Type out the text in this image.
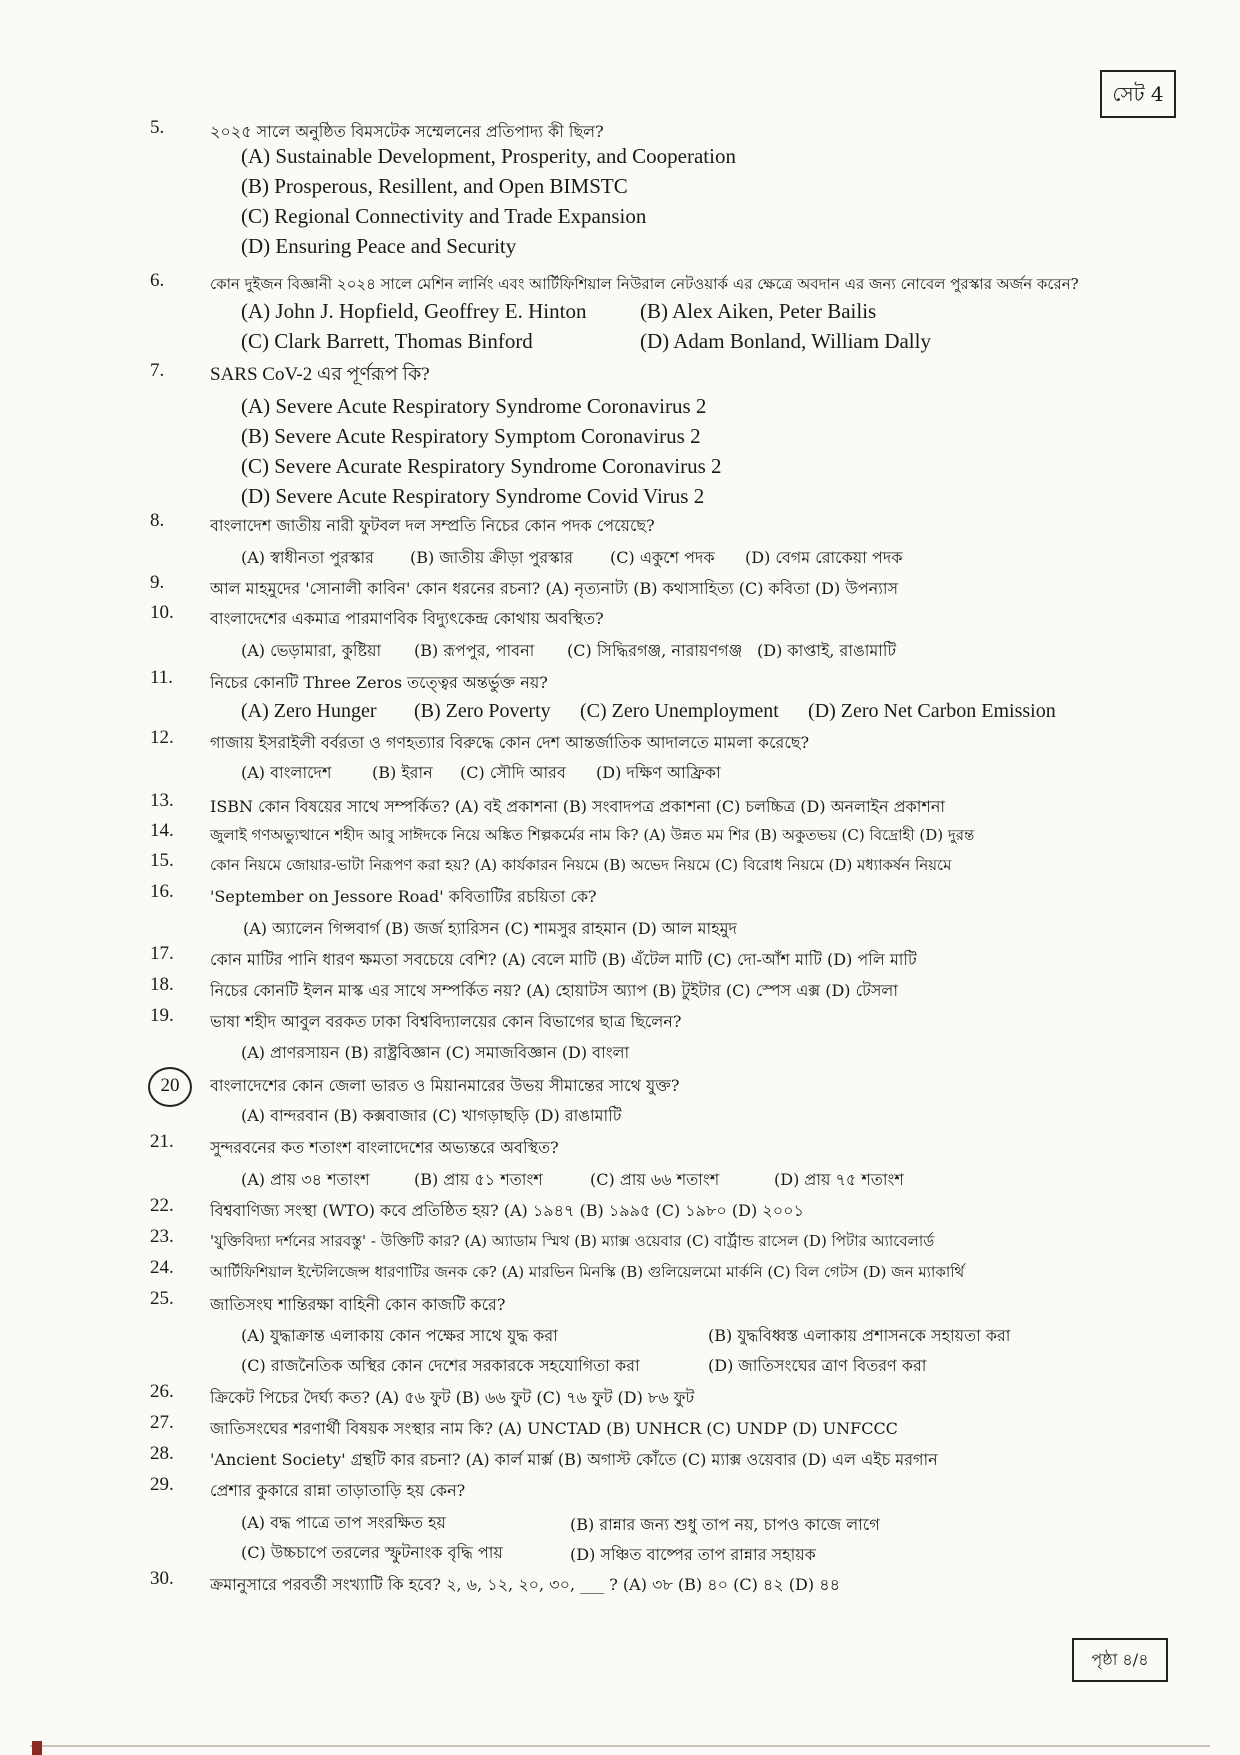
সেট 4
5.	২০২৫ সালে অনুষ্ঠিত বিমসটেক সম্মেলনের প্রতিপাদ্য কী ছিল?
(A) Sustainable Development, Prosperity, and Cooperation
(B) Prosperous, Resillent, and Open BIMSTC
(C) Regional Connectivity and Trade Expansion
(D) Ensuring Peace and Security
6.	কোন দুইজন বিজ্ঞানী ২০২৪ সালে মেশিন লার্নিং এবং আর্টিফিশিয়াল নিউরাল নেটওয়ার্ক এর ক্ষেত্রে অবদান এর জন্য নোবেল পুরস্কার অর্জন করেন?
(A) John J. Hopfield, Geoffrey E. Hinton	(B) Alex Aiken, Peter Bailis
(C) Clark Barrett, Thomas Binford	(D) Adam Bonland, William Dally
7.	SARS CoV-2 এর পূর্ণরূপ কি?
(A) Severe Acute Respiratory Syndrome Coronavirus 2
(B) Severe Acute Respiratory Symptom Coronavirus 2
(C) Severe Acurate Respiratory Syndrome Coronavirus 2
(D) Severe Acute Respiratory Syndrome Covid Virus 2
8.	বাংলাদেশ জাতীয় নারী ফুটবল দল সম্প্রতি নিচের কোন পদক পেয়েছে?
(A) স্বাধীনতা পুরস্কার (B) জাতীয় ক্রীড়া পুরস্কার (C) একুশে পদক (D) বেগম রোকেয়া পদক
9.	আল মাহমুদের 'সোনালী কাবিন' কোন ধরনের রচনা? (A) নৃত্যনাট্য (B) কথাসাহিত্য (C) কবিতা (D) উপন্যাস
10.	বাংলাদেশের একমাত্র পারমাণবিক বিদ্যুৎকেন্দ্র কোথায় অবস্থিত?
(A) ভেড়ামারা, কুষ্টিয়া (B) রূপপুর, পাবনা (C) সিদ্ধিরগঞ্জ, নারায়ণগঞ্জ (D) কাপ্তাই, রাঙামাটি
11.	নিচের কোনটি Three Zeros তত্ত্বের অন্তর্ভুক্ত নয়?
(A) Zero Hunger (B) Zero Poverty (C) Zero Unemployment (D) Zero Net Carbon Emission
12.	গাজায় ইসরাইলী বর্বরতা ও গণহত্যার বিরুদ্ধে কোন দেশ আন্তর্জাতিক আদালতে মামলা করেছে?
(A) বাংলাদেশ	(B) ইরান (C) সৌদি আরব (D) দক্ষিণ আফ্রিকা
13.	ISBN কোন বিষয়ের সাথে সম্পর্কিত? (A) বই প্রকাশনা (B) সংবাদপত্র প্রকাশনা (C) চলচ্চিত্র (D) অনলাইন প্রকাশনা
14.	জুলাই গণঅভ্যুত্থানে শহীদ আবু সাঈদকে নিয়ে অঙ্কিত শিল্পকর্মের নাম কি? (A) উন্নত মম শির (B) অকুতভয় (C) বিদ্রোহী (D) দুরন্ত
15.	কোন নিয়মে জোয়ার-ভাটা নিরূপণ করা হয়? (A) কার্যকারন নিয়মে (B) অভেদ নিয়মে (C) বিরোধ নিয়মে (D) মধ্যাকর্ষন নিয়মে
16.	'September on Jessore Road' কবিতাটির রচয়িতা কে?
(A) অ্যালেন গিন্সবার্গ (B) জর্জ হ্যারিসন (C) শামসুর রাহমান (D) আল মাহমুদ
17.	কোন মাটির পানি ধারণ ক্ষমতা সবচেয়ে বেশি? (A) বেলে মাটি (B) এঁটেল মাটি (C) দো-আঁশ মাটি (D) পলি মাটি
18.	নিচের কোনটি ইলন মাস্ক এর সাথে সম্পর্কিত নয়? (A) হোয়াটস অ্যাপ (B) টুইটার (C) স্পেস এক্স (D) টেসলা
19.	ভাষা শহীদ আবুল বরকত ঢাকা বিশ্ববিদ্যালয়ের কোন বিভাগের ছাত্র ছিলেন?
(A) প্রাণরসায়ন (B) রাষ্ট্রবিজ্ঞান (C) সমাজবিজ্ঞান (D) বাংলা
20	বাংলাদেশের কোন জেলা ভারত ও মিয়ানমারের উভয় সীমান্তের সাথে যুক্ত?
(A) বান্দরবান (B) কক্সবাজার (C) খাগড়াছড়ি (D) রাঙামাটি
21.	সুন্দরবনের কত শতাংশ বাংলাদেশের অভ্যন্তরে অবস্থিত?
(A) প্রায় ৩৪ শতাংশ	(B) প্রায় ৫১ শতাংশ	(C) প্রায় ৬৬ শতাংশ	(D) প্রায় ৭৫ শতাংশ
22.	বিশ্ববাণিজ্য সংস্থা (WTO) কবে প্রতিষ্ঠিত হয়? (A) ১৯৪৭ (B) ১৯৯৫ (C) ১৯৮০ (D) ২০০১
23.	'যুক্তিবিদ্যা দর্শনের সারবস্তু' - উক্তিটি কার? (A) অ্যাডাম স্মিথ (B) ম্যাক্স ওয়েবার (C) বার্ট্রান্ড রাসেল (D) পিটার অ্যাবেলার্ড
24.	আর্টিফিশিয়াল ইন্টেলিজেন্স ধারণাটির জনক কে? (A) মারভিন মিনস্কি (B) গুলিয়েলমো মার্কনি (C) বিল গেটস (D) জন ম্যাকার্থি
25.	জাতিসংঘ শান্তিরক্ষা বাহিনী কোন কাজটি করে?
(A) যুদ্ধাক্রান্ত এলাকায় কোন পক্ষের সাথে যুদ্ধ করা	(B) যুদ্ধবিধ্বস্ত এলাকায় প্রশাসনকে সহায়তা করা
(C) রাজনৈতিক অস্থির কোন দেশের সরকারকে সহযোগিতা করা	(D) জাতিসংঘের ত্রাণ বিতরণ করা
26.	ক্রিকেট পিচের দৈর্ঘ্য কত? (A) ৫৬ ফুট (B) ৬৬ ফুট (C) ৭৬ ফুট (D) ৮৬ ফুট
27.	জাতিসংঘের শরণার্থী বিষয়ক সংস্থার নাম কি? (A) UNCTAD (B) UNHCR (C) UNDP (D) UNFCCC
28.	'Ancient Society' গ্রন্থটি কার রচনা? (A) কার্ল মার্ক্স (B) অগাস্ট কোঁতে (C) ম্যাক্স ওয়েবার (D) এল এইচ মরগান
29.	প্রেশার কুকারে রান্না তাড়াতাড়ি হয় কেন?
(A) বদ্ধ পাত্রে তাপ সংরক্ষিত হয়	(B) রান্নার জন্য শুধু তাপ নয়, চাপও কাজে লাগে
(C) উচ্চচাপে তরলের স্ফুটনাংক বৃদ্ধি পায়	(D) সঞ্চিত বাষ্পের তাপ রান্নার সহায়ক
30.	ক্রমানুসারে পরবর্তী সংখ্যাটি কি হবে? ২, ৬, ১২, ২০, ৩০, ___ ? (A) ৩৮ (B) ৪০ (C) ৪২ (D) ৪৪
পৃষ্ঠা ৪/৪
